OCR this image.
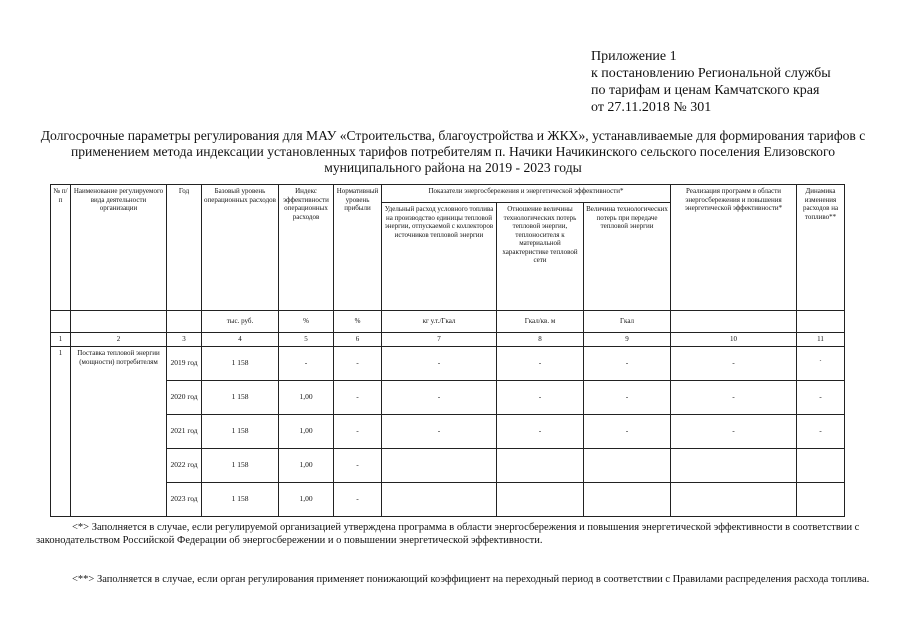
Приложение 1
к постановлению Региональной службы
по тарифам и ценам Камчатского края
от 27.11.2018 № 301
Долгосрочные параметры регулирования для МАУ «Строительства, благоустройства и ЖКХ», устанавливаемые для формирования тарифов с применением метода индексации установленных тарифов потребителям п. Начики Начикинского сельского поселения Елизовского муниципального района на 2019 - 2023 годы
№ п/п	Наименование регулируемого вида деятельности организации	Год	Базовый уровень операционных расходов	Индекс эффективности операционных расходов	Нормативный уровень прибыли	Показатели энергосбережения и энергетической эффективности*			Реализация программ в области энергосбережения и повышения энергетической эффективности*	Динамика изменения расходов на топливо**
						Удельный расход условного топлива на производство единицы тепловой энергии, отпускаемой с коллекторов источников тепловой энергии	Отношение величины технологических потерь тепловой энергии, теплоносителя к материальной характеристике тепловой сети	Величина технологических потерь при передаче тепловой энергии		
			тыс. руб.	%	%	кг у.т./Гкал	Гкал/кв. м	Гкал		
1	2	3	4	5	6	7	8	9	10	11
1	Поставка тепловой энергии (мощности) потребителям	2019 год	1 158	-	-	-	-	-	-	`
		2020 год	1 158	1,00	-	-	-	-	-	-
		2021 год	1 158	1,00	-	-	-	-	-	-
		2022 год	1 158	1,00	-					
		2023 год	1 158	1,00	-					
<*> Заполняется в случае, если регулируемой организацией утверждена программа в области энергосбережения и повышения энергетической эффективности в соответствии с законодательством Российской Федерации об энергосбережении и о повышении энергетической эффективности.
<**> Заполняется в случае, если орган регулирования применяет понижающий коэффициент на переходный период в соответствии с Правилами распределения расхода топлива.
